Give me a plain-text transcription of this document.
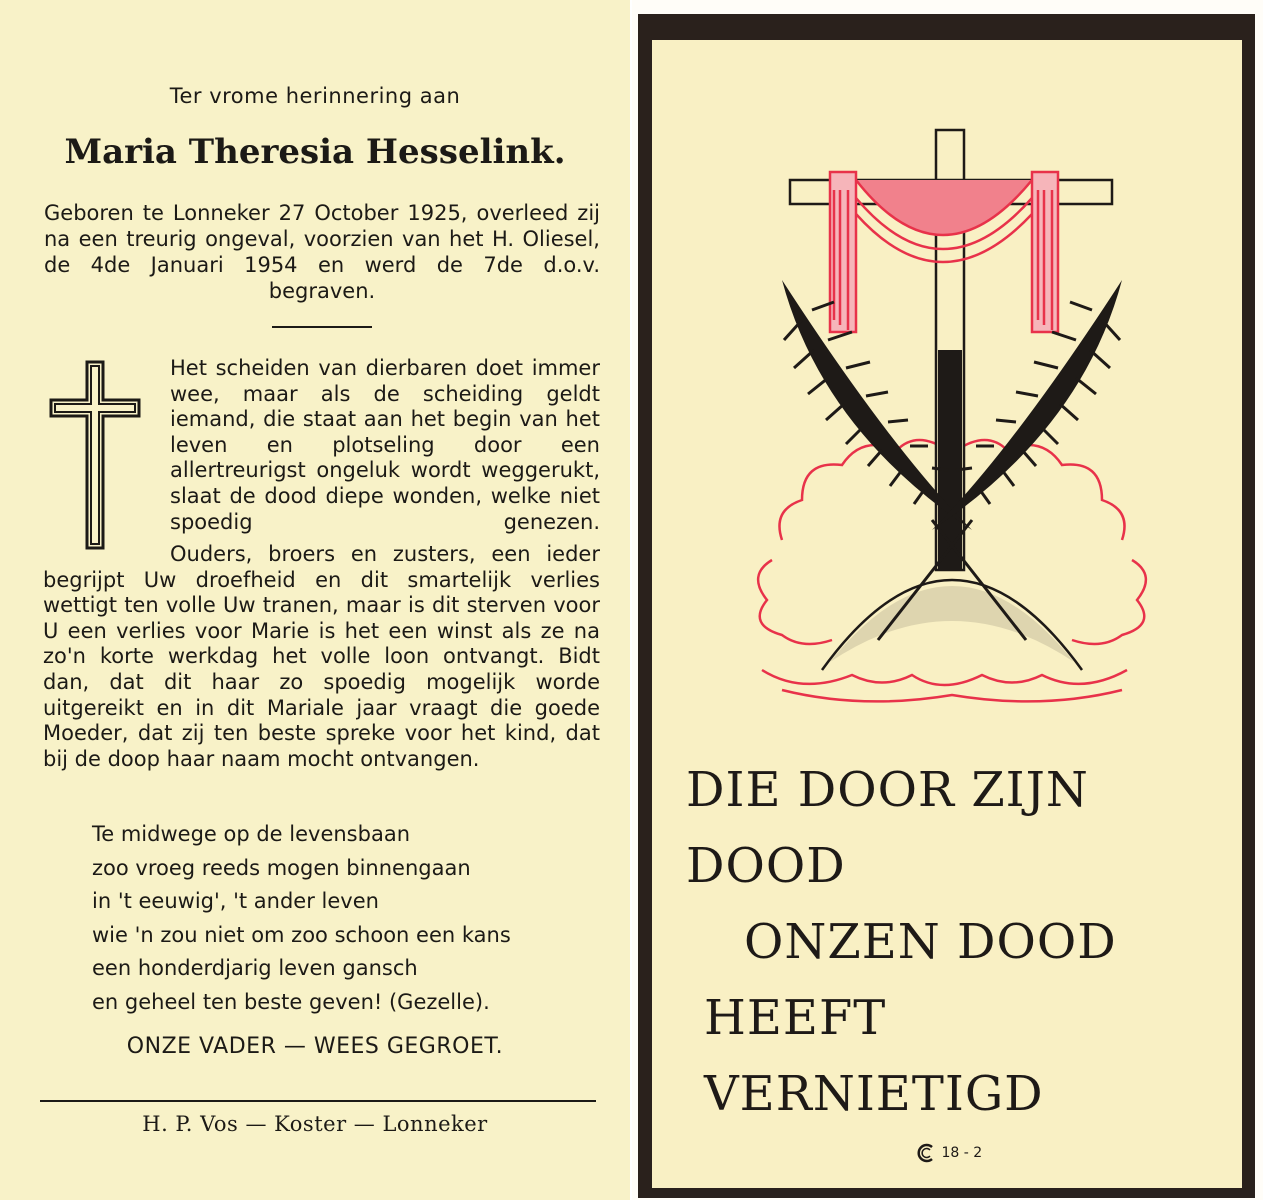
Ter vrome herinnering aan
Maria Theresia Hesselink.
Geboren te Lonneker 27 October 1925, overleed zij na een treurig ongeval, voorzien van het H. Oliesel, de 4de Januari 1954 en werd de 7de d.o.v. begraven.
Het scheiden van dierbaren doet immer wee, maar als de scheiding geldt iemand, die staat aan het begin van het leven en plotseling door een allertreurigst ongeluk wordt weggerukt, slaat de dood diepe wonden, welke niet spoedig genezen.
Ouders, broers en zusters, een ieder begrijpt Uw droefheid en dit smartelijk verlies wettigt ten volle Uw tranen, maar is dit sterven voor U een verlies voor Marie is het een winst als ze na zo'n korte werkdag het volle loon ontvangt. Bidt dan, dat dit haar zo spoedig mogelijk worde uitgereikt en in dit Mariale jaar vraagt die goede Moeder, dat zij ten beste spreke voor het kind, dat bij de doop haar naam mocht ontvangen.
Te midwege op de levensbaan
zoo vroeg reeds mogen binnengaan
in 't eeuwig', 't ander leven
wie 'n zou niet om zoo schoon een kans
een honderdjarig leven gansch
en geheel ten beste geven! (Gezelle).
ONZE VADER — WEES GEGROET.
H. P. Vos — Koster — Lonneker
DIE DOOR ZIJN DOOD
ONZEN DOOD
HEEFT VERNIETIGD
18 - 2
